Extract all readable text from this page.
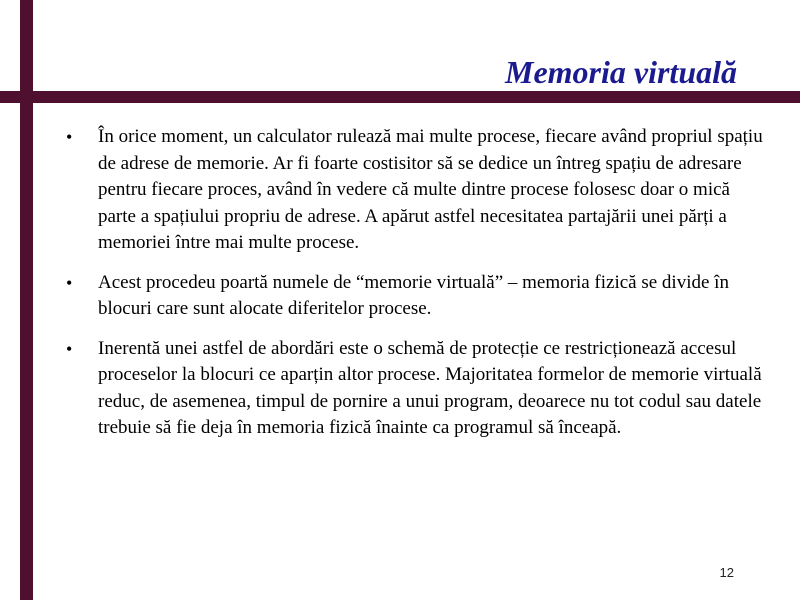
Memoria virtuală
•	În orice moment, un calculator rulează mai multe procese, fiecare având propriul spațiu de adrese de memorie. Ar fi foarte costisitor să se dedice un întreg spațiu de adresare pentru fiecare proces, având în vedere că multe dintre procese folosesc doar o mică parte a spațiului propriu de adrese. A apărut astfel necesitatea partajării unei părți a memoriei între mai multe procese.
•	Acest procedeu poartă numele de “memorie virtuală” – memoria fizică se divide în blocuri care sunt alocate diferitelor procese.
•	Inerentă unei astfel de abordări este o schemă de protecție ce restricționează accesul proceselor la blocuri ce aparțin altor procese. Majoritatea formelor de memorie virtuală reduc, de asemenea, timpul de pornire a unui program, deoarece nu tot codul sau datele trebuie să fie deja în memoria fizică înainte ca programul să înceapă.
12
